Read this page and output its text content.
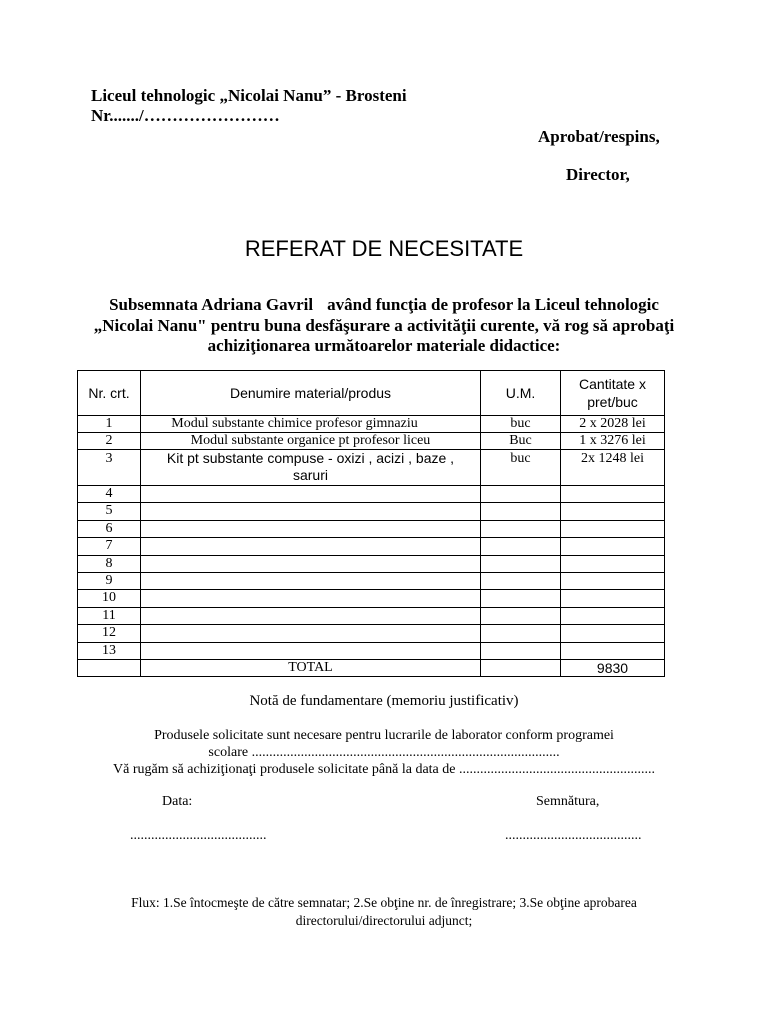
Liceul tehnologic „Nicolai Nanu” - Brosteni
Nr......./……………………
Aprobat/respins,
Director,
REFERAT DE NECESITATE
Subsemnata Adriana Gavril având funcţia de profesor la Liceul tehnologic
„Nicolai Nanu" pentru buna desfăşurare a activităţii curente, vă rog să aprobaţi
achiziţionarea următoarelor materiale didactice:
Nr. crt.	Denumire material/produs	U.M.	Cantitate x pret/buc
1	Modul substante chimice profesor gimnaziu	buc	2 x 2028 lei
2	Modul substante organice pt profesor liceu	Buc	1 x 3276 lei
3	Kit pt substante compuse - oxizi , acizi , baze , saruri	buc	2x 1248 lei
4			
5			
6			
7			
8			
9			
10			
11			
12			
13			
	TOTAL		9830
Notă de fundamentare (memoriu justificativ)
Produsele solicitate sunt necesare pentru lucrarile de laborator conform programei
scolare ........................................................................................
Vă rugăm să achiziţionaţi produsele solicitate până la data de ........................................................
Data:	Semnătura,
.......................................	.......................................
Flux: 1.Se întocmeşte de către semnatar; 2.Se obţine nr. de înregistrare; 3.Se obţine aprobarea
directorului/directorului adjunct;
